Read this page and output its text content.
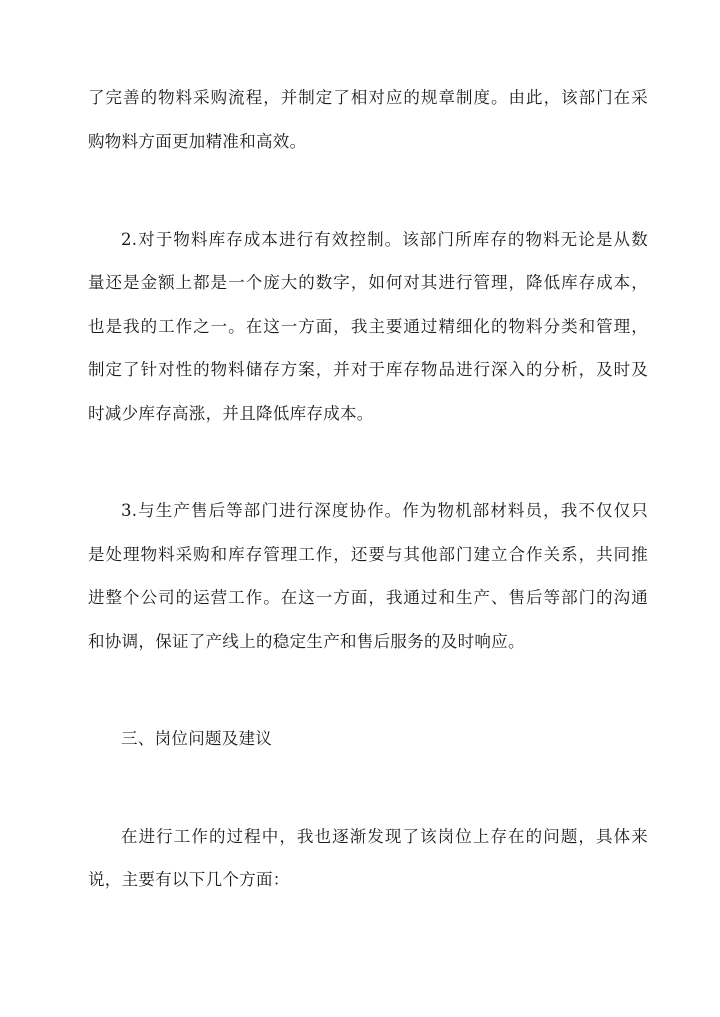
了完善的物料采购流程，并制定了相对应的规章制度。由此，该部门在采
购物料方面更加精准和高效。
2.对于物料库存成本进行有效控制。该部门所库存的物料无论是从数
量还是金额上都是一个庞大的数字，如何对其进行管理，降低库存成本，
也是我的工作之一。在这一方面，我主要通过精细化的物料分类和管理，
制定了针对性的物料储存方案，并对于库存物品进行深入的分析，及时及
时减少库存高涨，并且降低库存成本。
3.与生产售后等部门进行深度协作。作为物机部材料员，我不仅仅只
是处理物料采购和库存管理工作，还要与其他部门建立合作关系，共同推
进整个公司的运营工作。在这一方面，我通过和生产、售后等部门的沟通
和协调，保证了产线上的稳定生产和售后服务的及时响应。
三、岗位问题及建议
在进行工作的过程中，我也逐渐发现了该岗位上存在的问题，具体来
说，主要有以下几个方面：
